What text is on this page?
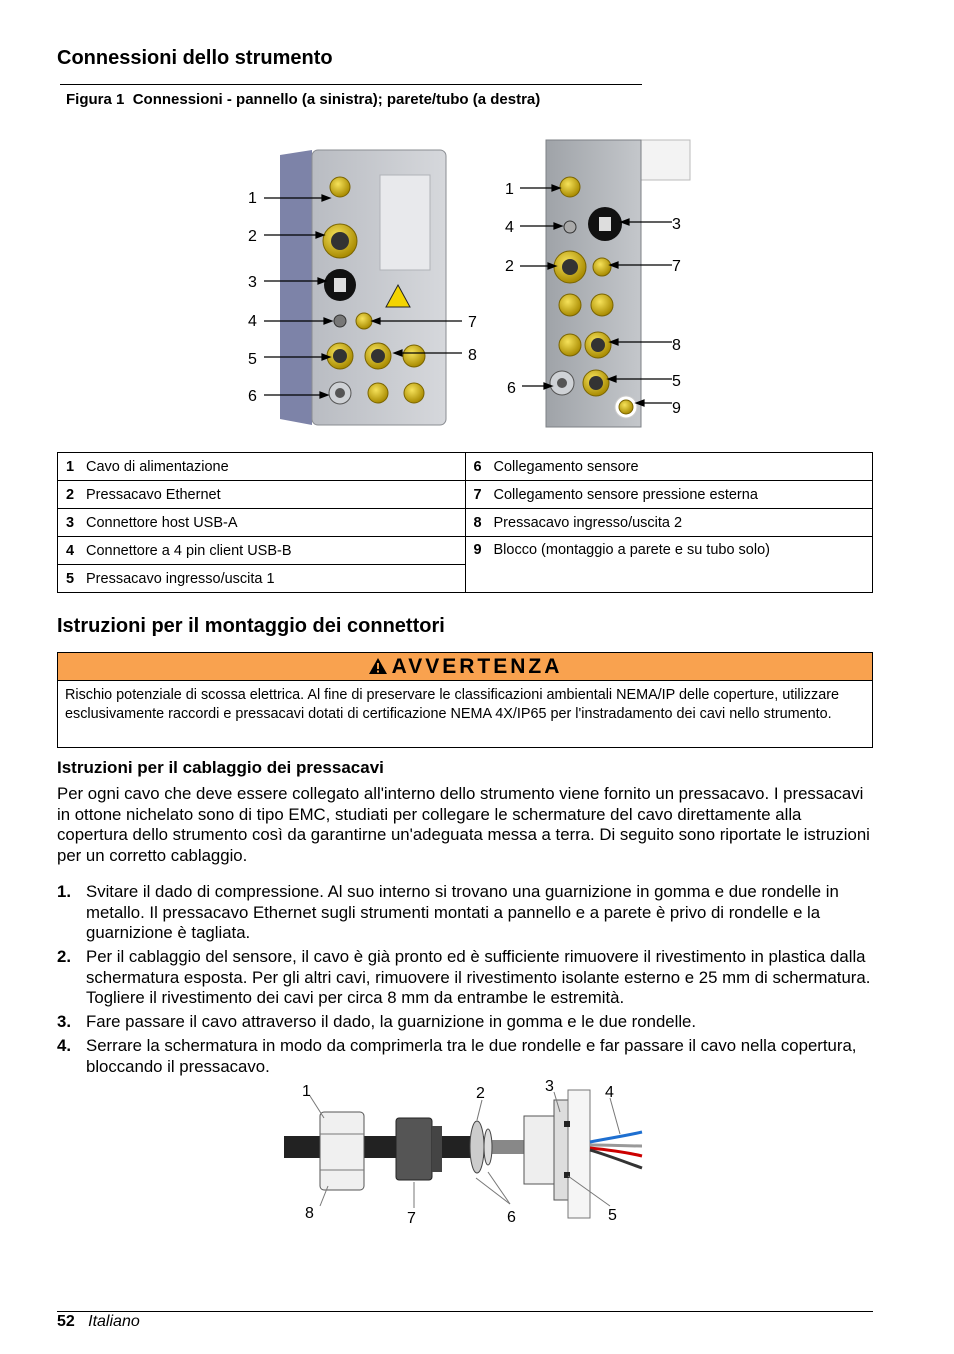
Connessioni dello strumento
Figura 1 Connessioni - pannello (a sinistra); parete/tubo (a destra)
1
2
3
4
5
6
7
8
1
4
2
6
3
7
8
5
9
1 Cavo di alimentazione	6 Collegamento sensore
2 Pressacavo Ethernet	7 Collegamento sensore pressione esterna
3 Connettore host USB-A	8 Pressacavo ingresso/uscita 2
4 Connettore a 4 pin client USB-B	9 Blocco (montaggio a parete e su tubo solo)
5 Pressacavo ingresso/uscita 1	
Istruzioni per il montaggio dei connettori
AVVERTENZA
Rischio potenziale di scossa elettrica. Al fine di preservare le classificazioni ambientali NEMA/IP delle coperture, utilizzare esclusivamente raccordi e pressacavi dotati di certificazione NEMA 4X/IP65 per l'instradamento dei cavi nello strumento.
Istruzioni per il cablaggio dei pressacavi
Per ogni cavo che deve essere collegato all'interno dello strumento viene fornito un pressacavo. I pressacavi in ottone nichelato sono di tipo EMC, studiati per collegare le schermature del cavo direttamente alla copertura dello strumento così da garantirne un'adeguata messa a terra. Di seguito sono riportate le istruzioni per un corretto cablaggio.
1. Svitare il dado di compressione. Al suo interno si trovano una guarnizione in gomma e due rondelle in metallo. Il pressacavo Ethernet sugli strumenti montati a pannello e a parete è privo di rondelle e la guarnizione è tagliata.
2. Per il cablaggio del sensore, il cavo è già pronto ed è sufficiente rimuovere il rivestimento in plastica dalla schermatura esposta. Per gli altri cavi, rimuovere il rivestimento isolante esterno e 25 mm di schermatura. Togliere il rivestimento dei cavi per circa 8 mm da entrambe le estremità.
3. Fare passare il cavo attraverso il dado, la guarnizione in gomma e le due rondelle.
4. Serrare la schermatura in modo da comprimerla tra le due rondelle e far passare il cavo nella copertura, bloccando il pressacavo.
1	2	3	4
5
6
7
8
52 Italiano
